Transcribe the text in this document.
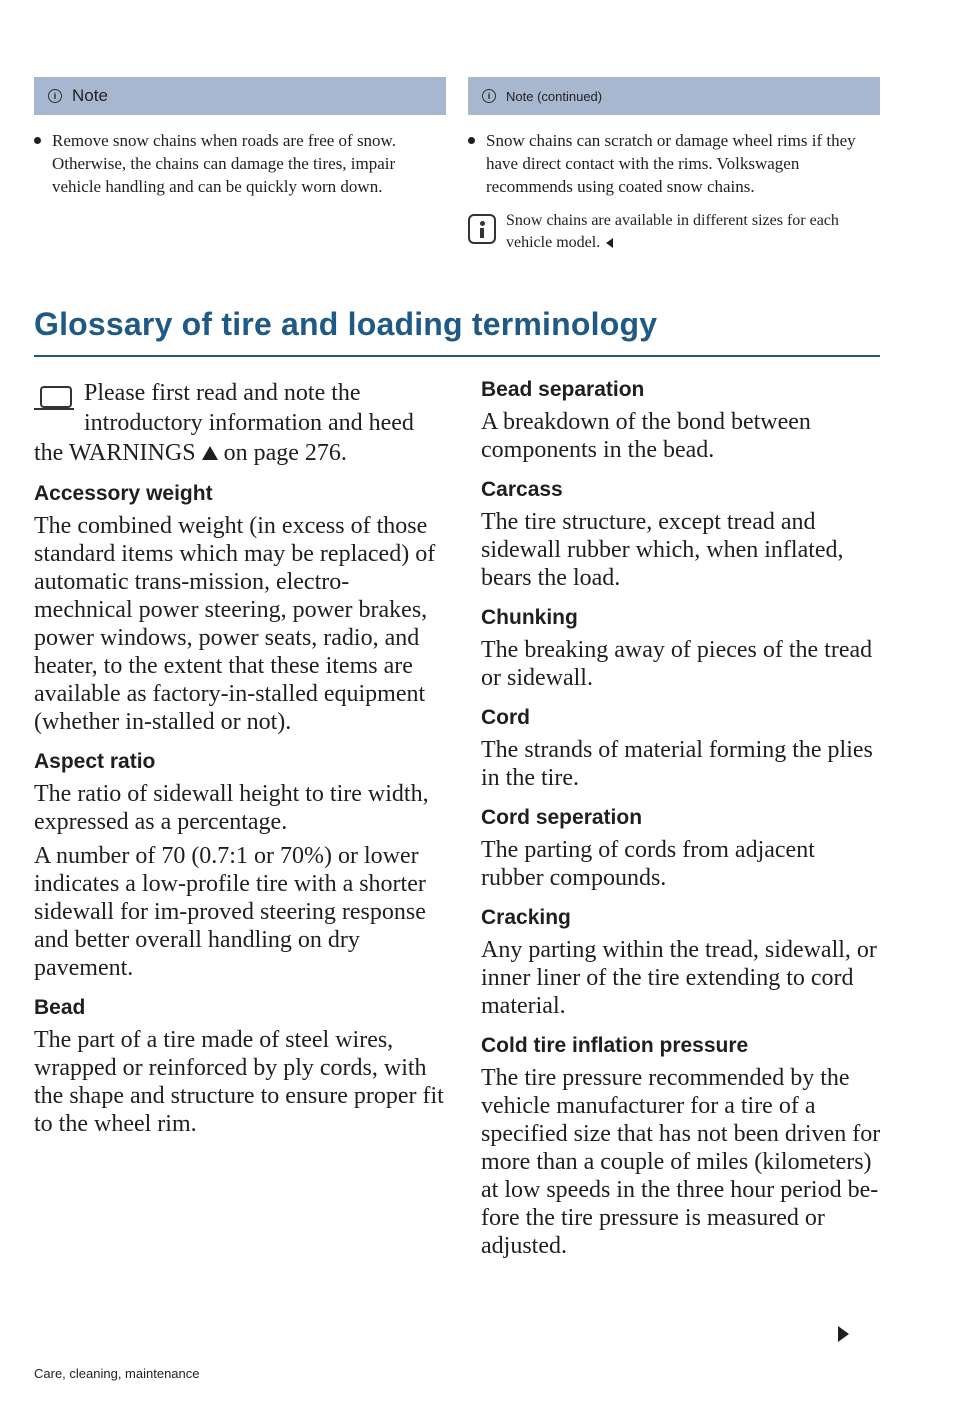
i Note
Remove snow chains when roads are free of snow. Otherwise, the chains can damage the tires, impair vehicle handling and can be quickly worn down.
i	Note (continued)
Snow chains can scratch or damage wheel rims if they have direct contact with the rims. Volkswagen recommends using coated snow chains.
Snow chains are available in different sizes for each vehicle model.
Glossary of tire and loading terminology

Please first read and note the introductory information and heed the WARNINGS on page 276.

Accessory weight

The combined weight (in excess of those standard items which may be replaced) of automatic trans-mission, electro-mechnical power steering, power brakes, power windows, power seats, radio, and heater, to the extent that these items are available as factory-in-stalled equipment (whether in-stalled or not).

Aspect ratio

The ratio of sidewall height to tire width, expressed as a percentage.

A number of 70 (0.7:1 or 70%) or lower indicates a low-profile tire with a shorter sidewall for im-proved steering response and better overall handling on dry pavement.

Bead

The part of a tire made of steel wires, wrapped or reinforced by ply cords, with the shape and structure to ensure proper fit to the wheel rim.

Bead separation

A breakdown of the bond between components in the bead.

Carcass

The tire structure, except tread and sidewall rubber which, when inflated, bears the load.

Chunking

The breaking away of pieces of the tread or sidewall.

Cord

The strands of material forming the plies in the tire.

Cord seperation

The parting of cords from adjacent rubber compounds.

Cracking

Any parting within the tread, sidewall, or inner liner of the tire extending to cord material.

Cold tire inflation pressure

The tire pressure recommended by the vehicle manufacturer for a tire of a specified size that has not been driven for more than a couple of miles (kilometers) at low speeds in the three hour period be-fore the tire pressure is measured or adjusted.

Care, cleaning, maintenance
